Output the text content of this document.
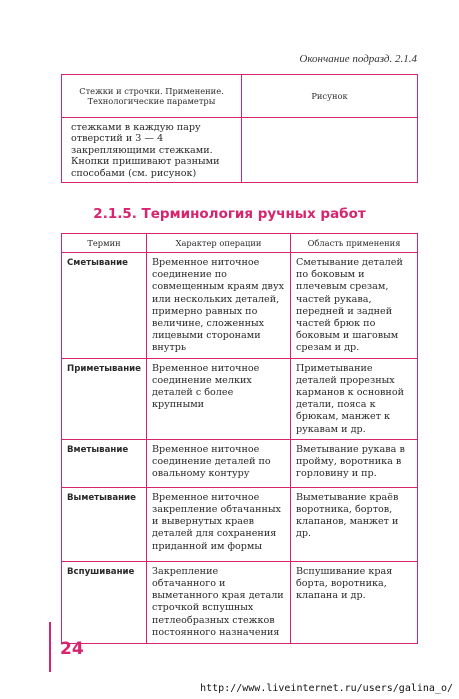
Окончание подразд. 2.1.4
Стежки и строчки. Применение. Технологические параметры	Рисунок
стежками в каждую пару отверстий и 3 — 4 закрепляющими стежками.
Кнопки пришивают разными способами (см. рисунок)	
2.1.5. Терминология ручных работ
Термин	Характер операции	Область применения
Сметывание	Временное ниточное соединение по совмещенным краям двух или нескольких деталей, примерно равных по величине, сложенных лицевыми сторонами внутрь	Сметывание деталей по боковым и плечевым срезам, частей рукава, передней и задней частей брюк по боковым и шаговым срезам и др.
Приметывание	Временное ниточное соединение мелких деталей с более крупными	Приметывание деталей прорезных карманов к основной детали, пояса к брюкам, манжет к рукавам и др.
Вметывание	Временное ниточное соединение деталей по овальному контуру	Вметывание рукава в пройму, воротника в горловину и пр.
Выметывание	Временное ниточное закрепление обтачанных и вывернутых краев деталей для сохранения приданной им формы	Выметывание краёв воротника, бортов, клапанов, манжет и др.
Вспушивание	Закрепление обтачанного и выметанного края детали строчкой вспушных петлеобразных стежков постоянного назначения	Вспушивание края борта, воротника, клапана и др.
24
http://www.liveinternet.ru/users/galina_o/
